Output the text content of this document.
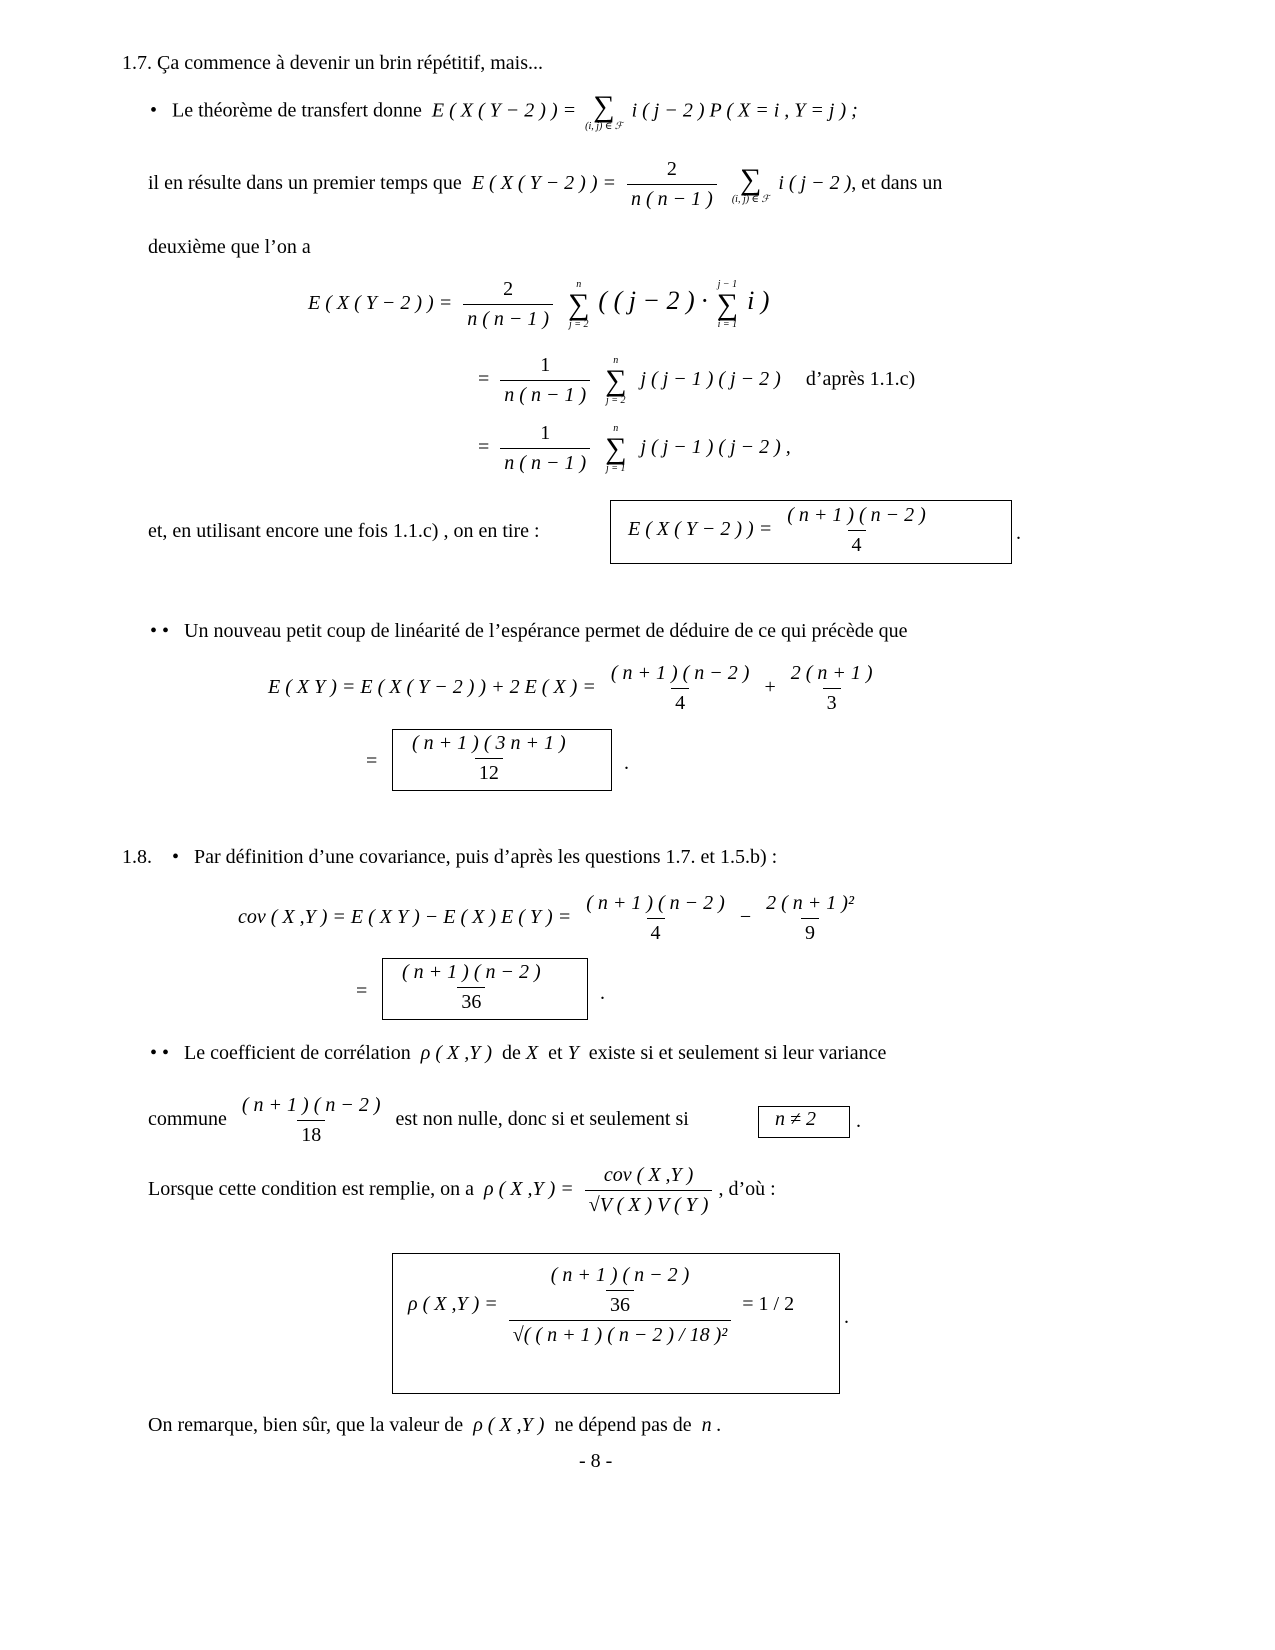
1.7. Ça commence à devenir un brin répétitif, mais...
• Le théorème de transfert donne E ( X ( Y − 2 ) ) = ∑
(i, j) ∈ ℱ
i ( j − 2 ) P ( X = i , Y = j ) ;
il en résulte dans un premier temps que E ( X ( Y − 2 ) ) = $\frac{2}{n ( n - 1 )}$
∑
(i, j) ∈ ℱ
i ( j − 2 ), et dans un
deuxième que l’on a
E ( X ( Y − 2 ) ) = $\frac{2}{n ( n - 1 )}$
n
∑
j = 2
( ( j − 2 ) ·
j − 1
∑
i = 1
i )
= $\frac{1}{n ( n - 1 )}$
n
∑
j = 2
j ( j − 1 ) ( j − 2 ) d’après 1.1.c)
= $\frac{1}{n ( n - 1 )}$
n
∑
j = 1
j ( j − 1 ) ( j − 2 ) ,
et, en utilisant encore une fois 1.1.c) , on en tire :	E ( X ( Y − 2 ) ) = $\frac{( n + 1 ) ( n - 2 )}{4}$	.
• • Un nouveau petit coup de linéarité de l’espérance permet de déduire de ce qui précède que
E ( X Y ) = E ( X ( Y − 2 ) ) + 2 E ( X ) = $\frac{( n + 1 ) ( n - 2 )}{4} + \frac{2 ( n + 1 )}{3}$
= $\frac{( n + 1 ) ( 3 n + 1 )}{12}$	.
1.8. • Par définition d’une covariance, puis d’après les questions 1.7. et 1.5.b) :
cov ( X ,Y ) = E ( X Y ) − E ( X ) E ( Y ) = $\frac{( n + 1 ) ( n - 2 )}{4} - \frac{\text{2 ( n + 1 )²}}{9}$
= $\frac{( n + 1 ) ( n - 2 )}{36}$	.
• • Le coefficient de corrélation ρ ( X ,Y ) de X et Y existe si et seulement si leur variance
commune $\frac{( n + 1 ) ( n - 2 )}{18}$ est non nulle, donc si et seulement si	n ≠ 2 .
Lorsque cette condition est remplie, on a ρ ( X ,Y ) = $\frac{\text{cov ( X ,Y )}}{√V ( X ) V ( Y )}$ , d’où :
ρ ( X ,Y ) = $\frac{\frac{( n + 1 ) ( n - 2 )}{36}}{\text{√( ( n + 1 ) ( n − 2 ) / 18 )²}} = 1 / 2$
.
On remarque, bien sûr, que la valeur de ρ ( X ,Y ) ne dépend pas de n .
- 8 -
